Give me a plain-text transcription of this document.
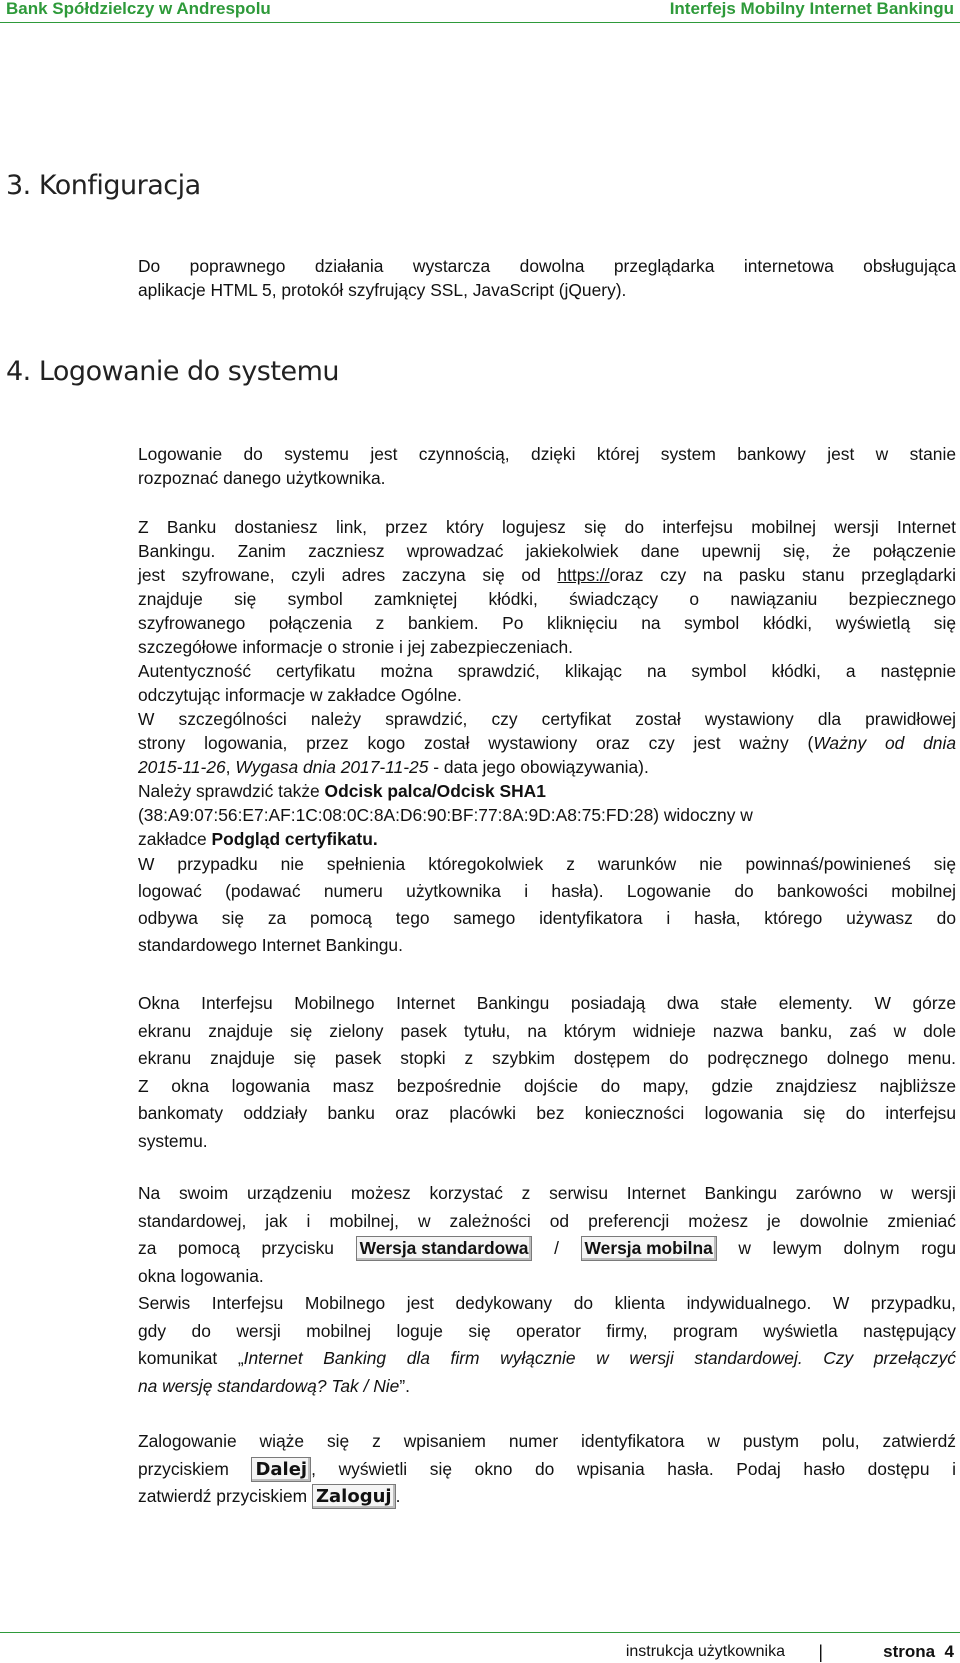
Bank Spółdzielczy w Andrespolu	Interfejs Mobilny Internet Bankingu
3. Konfiguracja

Do poprawnego działania wystarcza dowolna przeglądarka internetowa obsługująca
aplikacje HTML 5, protokół szyfrujący SSL, JavaScript (jQuery).

4. Logowanie do systemu

Logowanie do systemu jest czynnością, dzięki której system bankowy jest w stanie
rozpoznać danego użytkownika.

Z Banku dostaniesz link, przez który logujesz się do interfejsu mobilnej wersji Internet
Bankingu. Zanim zaczniesz wprowadzać jakiekolwiek dane upewnij się, że połączenie
jest szyfrowane, czyli adres zaczyna się od https://oraz czy na pasku stanu przeglądarki
znajduje się symbol zamkniętej kłódki, świadczący o nawiązaniu bezpiecznego
szyfrowanego połączenia z bankiem. Po kliknięciu na symbol kłódki, wyświetlą się
szczegółowe informacje o stronie i jej zabezpieczeniach.
Autentyczność certyfikatu można sprawdzić, klikając na symbol kłódki, a następnie
odczytując informacje w zakładce Ogólne.
W szczególności należy sprawdzić, czy certyfikat został wystawiony dla prawidłowej
strony logowania, przez kogo został wystawiony oraz czy jest ważny (Ważny od dnia
2015-11-26, Wygasa dnia 2017-11-25 - data jego obowiązywania).
Należy sprawdzić także Odcisk palca/Odcisk SHA1
(38:A9:07:56:E7:AF:1C:08:0C:8A:D6:90:BF:77:8A:9D:A8:75:FD:28) widoczny w
zakładce Podgląd certyfikatu.
W przypadku nie spełnienia któregokolwiek z warunków nie powinnaś/powinieneś się
logować (podawać numeru użytkownika i hasła). Logowanie do bankowości mobilnej
odbywa się za pomocą tego samego identyfikatora i hasła, którego używasz do
standardowego Internet Bankingu.

Okna Interfejsu Mobilnego Internet Bankingu posiadają dwa stałe elementy. W górze
ekranu znajduje się zielony pasek tytułu, na którym widnieje nazwa banku, zaś w dole
ekranu znajduje się pasek stopki z szybkim dostępem do podręcznego dolnego menu.
Z okna logowania masz bezpośrednie dojście do mapy, gdzie znajdziesz najbliższe
bankomaty oddziały banku oraz placówki bez konieczności logowania się do interfejsu
systemu.

Na swoim urządzeniu możesz korzystać z serwisu Internet Bankingu zarówno w wersji
standardowej, jak i mobilnej, w zależności od preferencji możesz je dowolnie zmieniać
za pomocą przycisku Wersja standardowa / Wersja mobilna w lewym dolnym rogu
okna logowania.
Serwis Interfejsu Mobilnego jest dedykowany do klienta indywidualnego. W przypadku,
gdy do wersji mobilnej loguje się operator firmy, program wyświetla następujący
komunikat „Internet Banking dla firm wyłącznie w wersji standardowej. Czy przełączyć
na wersję standardową? Tak / Nie”.

Zalogowanie wiąże się z wpisaniem numer identyfikatora w pustym polu, zatwierdź
przyciskiem Dalej , wyświetli się okno do wpisania hasła. Podaj hasło dostępu i
zatwierdź przyciskiem Zaloguj .

instrukcja użytkownika |	strona  4
